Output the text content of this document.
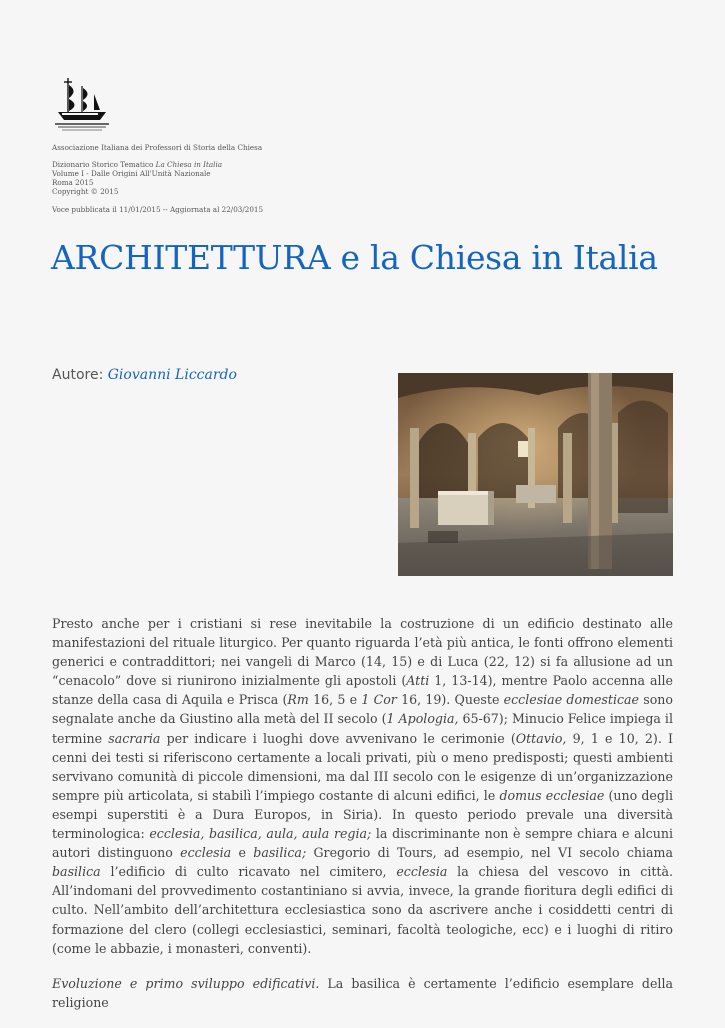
Associazione Italiana dei Professori di Storia della Chiesa
Dizionario Storico Tematico La Chiesa in Italia
Volume I - Dalle Origini All'Unità Nazionale
Roma 2015
Copyright © 2015
Voce pubblicata il 11/01/2015 -- Aggiornata al 22/03/2015
ARCHITETTURA e la Chiesa in Italia
Autore: Giovanni Liccardo

Presto anche per i cristiani si rese inevitabile la costruzione di un edificio destinato alle manifestazioni del rituale liturgico. Per quanto riguarda l’età più antica, le fonti offrono elementi generici e contraddittori; nei vangeli di Marco (14, 15) e di Luca (22, 12) si fa allusione ad un “cenacolo” dove si riunirono inizialmente gli apostoli (Atti 1, 13-14), mentre Paolo accenna alle stanze della casa di Aquila e Prisca (Rm 16, 5 e 1 Cor 16, 19). Queste ecclesiae domesticae sono segnalate anche da Giustino alla metà del II secolo (1 Apologia, 65-67); Minucio Felice impiega il termine sacraria per indicare i luoghi dove avvenivano le cerimonie (Ottavio, 9, 1 e 10, 2). I cenni dei testi si riferiscono certamente a locali privati, più o meno predisposti; questi ambienti servivano comunità di piccole dimensioni, ma dal III secolo con le esigenze di un’organizzazione sempre più articolata, si stabilì l’impiego costante di alcuni edifici, le domus ecclesiae (uno degli esempi superstiti è a Dura Europos, in Siria). In questo periodo prevale una diversità terminologica: ecclesia, basilica, aula, aula regia; la discriminante non è sempre chiara e alcuni autori distinguono ecclesia e basilica; Gregorio di Tours, ad esempio, nel VI secolo chiama basilica l’edificio di culto ricavato nel cimitero, ecclesia la chiesa del vescovo in città. All’indomani del provvedimento costantiniano si avvia, invece, la grande fioritura degli edifici di culto. Nell’ambito dell’architettura ecclesiastica sono da ascrivere anche i cosiddetti centri di formazione del clero (collegi ecclesiastici, seminari, facoltà teologiche, ecc) e i luoghi di ritiro (come le abbazie, i monasteri, conventi).

Evoluzione e primo sviluppo edificativi. La basilica è certamente l’edificio esemplare della religione
